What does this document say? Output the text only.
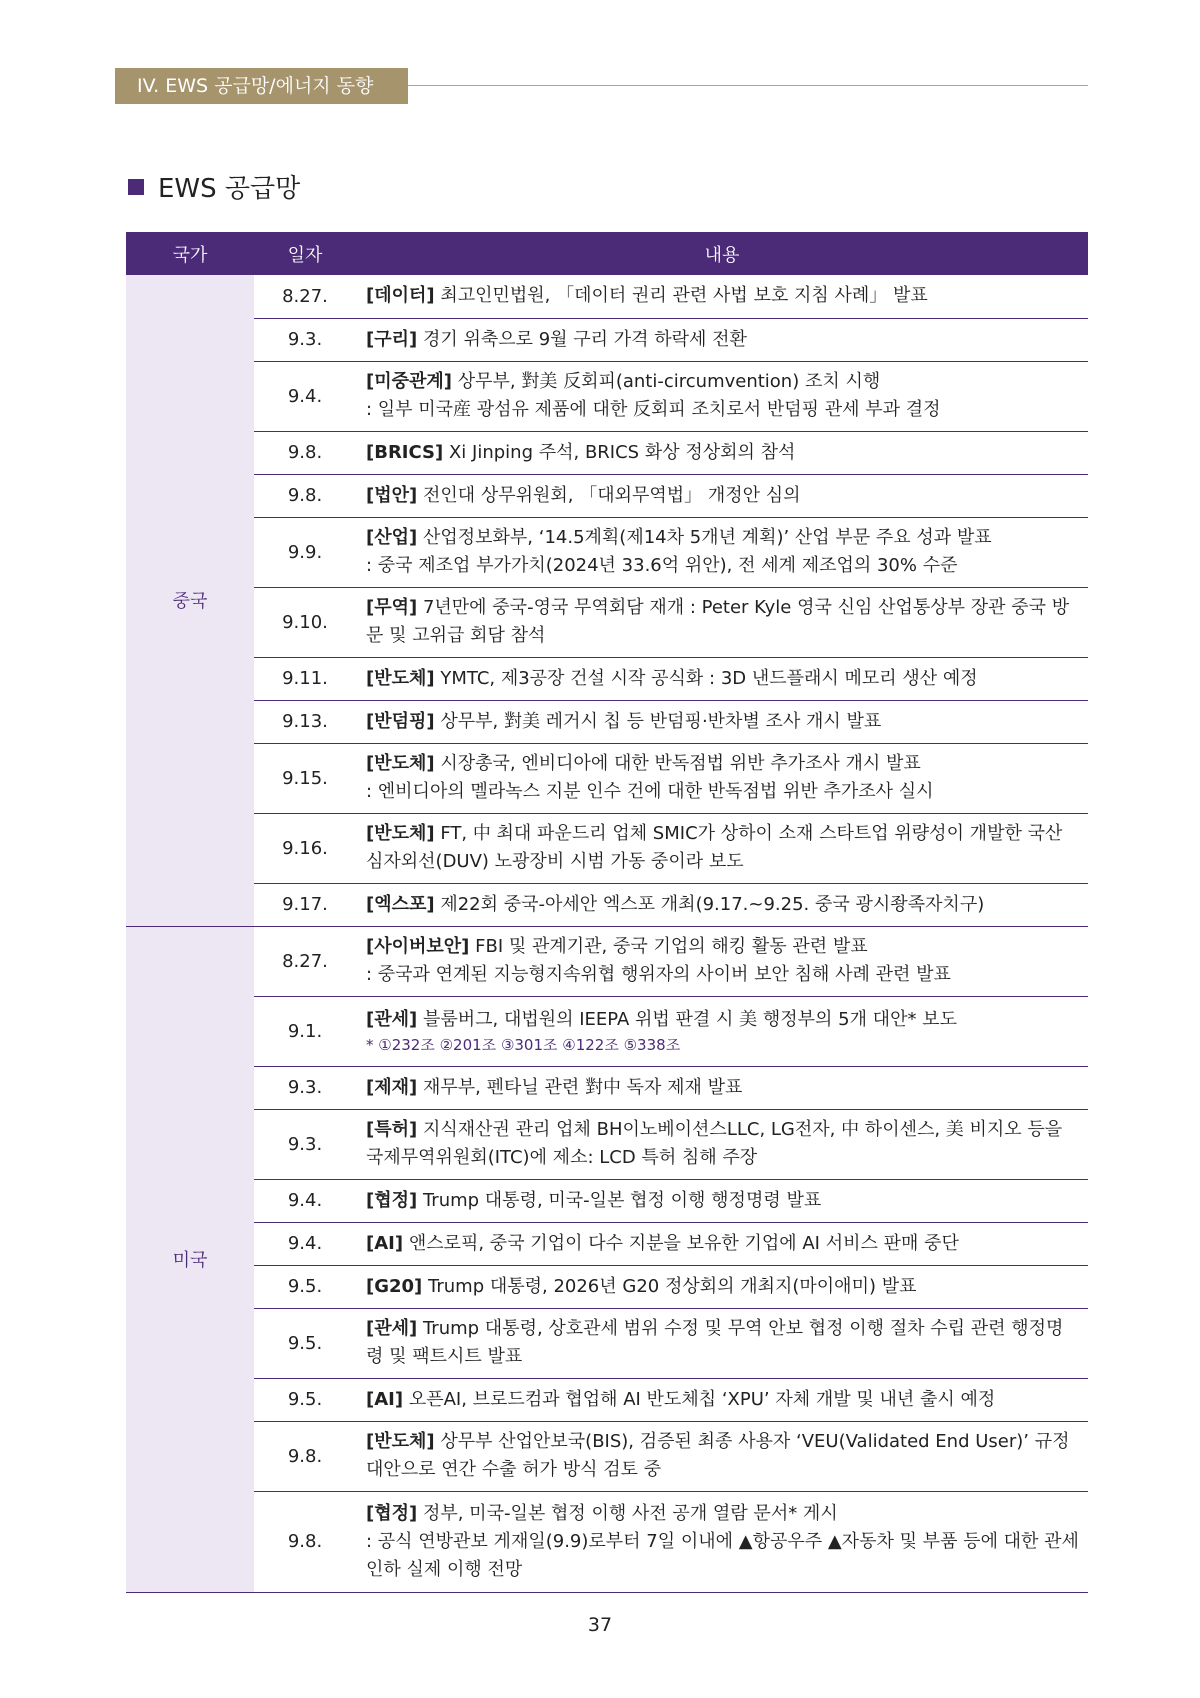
IV. EWS 공급망/에너지 동향
EWS 공급망
국가	일자	내용
중국	8.27.	[데이터] 최고인민법원, 「데이터 권리 관련 사법 보호 지침 사례」 발표

	9.3.	[구리] 경기 위축으로 9월 구리 가격 하락세 전환

	9.4.	[미중관계] 상무부, 對美 反회피(anti-circumvention) 조치 시행
: 일부 미국産 광섬유 제품에 대한 反회피 조치로서 반덤핑 관세 부과 결정

	9.8.	[BRICS] Xi Jinping 주석, BRICS 화상 정상회의 참석

	9.8.	[법안] 전인대 상무위원회, 「대외무역법」 개정안 심의

	9.9.	[산업] 산업정보화부, ‘14.5계획(제14차 5개년 계획)’ 산업 부문 주요 성과 발표
: 중국 제조업 부가가치(2024년 33.6억 위안), 전 세계 제조업의 30% 수준

	9.10.	[무역] 7년만에 중국-영국 무역회담 재개 : Peter Kyle 영국 신임 산업통상부 장관 중국 방문 및 고위급 회담 참석

	9.11.	[반도체] YMTC, 제3공장 건설 시작 공식화 : 3D 낸드플래시 메모리 생산 예정

	9.13.	[반덤핑] 상무부, 對美 레거시 칩 등 반덤핑·반차별 조사 개시 발표

	9.15.	[반도체] 시장총국, 엔비디아에 대한 반독점법 위반 추가조사 개시 발표
: 엔비디아의 멜라녹스 지분 인수 건에 대한 반독점법 위반 추가조사 실시

	9.16.	[반도체] FT, 中 최대 파운드리 업체 SMIC가 상하이 소재 스타트업 위량성이 개발한 국산 심자외선(DUV) 노광장비 시범 가동 중이라 보도

	9.17.	[엑스포] 제22회 중국-아세안 엑스포 개최(9.17.~9.25. 중국 광시좡족자치구)

미국	8.27.	[사이버보안] FBI 및 관계기관, 중국 기업의 해킹 활동 관련 발표
: 중국과 연계된 지능형지속위협 행위자의 사이버 보안 침해 사례 관련 발표

	9.1.	[관세] 블룸버그, 대법원의 IEEPA 위법 판결 시 美 행정부의 5개 대안* 보도
* ①232조 ②201조 ③301조 ④122조 ⑤338조

	9.3.	[제재] 재무부, 펜타닐 관련 對中 독자 제재 발표

	9.3.	[특허] 지식재산권 관리 업체 BH이노베이션스LLC, LG전자, 中 하이센스, 美 비지오 등을 국제무역위원회(ITC)에 제소: LCD 특허 침해 주장

	9.4.	[협정] Trump 대통령, 미국-일본 협정 이행 행정명령 발표

	9.4.	[AI] 앤스로픽, 중국 기업이 다수 지분을 보유한 기업에 AI 서비스 판매 중단

	9.5.	[G20] Trump 대통령, 2026년 G20 정상회의 개최지(마이애미) 발표

	9.5.	[관세] Trump 대통령, 상호관세 범위 수정 및 무역 안보 협정 이행 절차 수립 관련 행정명령 및 팩트시트 발표

	9.5.	[AI] 오픈AI, 브로드컴과 협업해 AI 반도체칩 ‘XPU’ 자체 개발 및 내년 출시 예정

	9.8.	[반도체] 상무부 산업안보국(BIS), 검증된 최종 사용자 ‘VEU(Validated End User)’ 규정 대안으로 연간 수출 허가 방식 검토 중

	9.8.	[협정] 정부, 미국-일본 협정 이행 사전 공개 열람 문서* 게시
: 공식 연방관보 게재일(9.9)로부터 7일 이내에 ▲항공우주 ▲자동차 및 부품 등에 대한 관세 인하 실제 이행 전망
37
